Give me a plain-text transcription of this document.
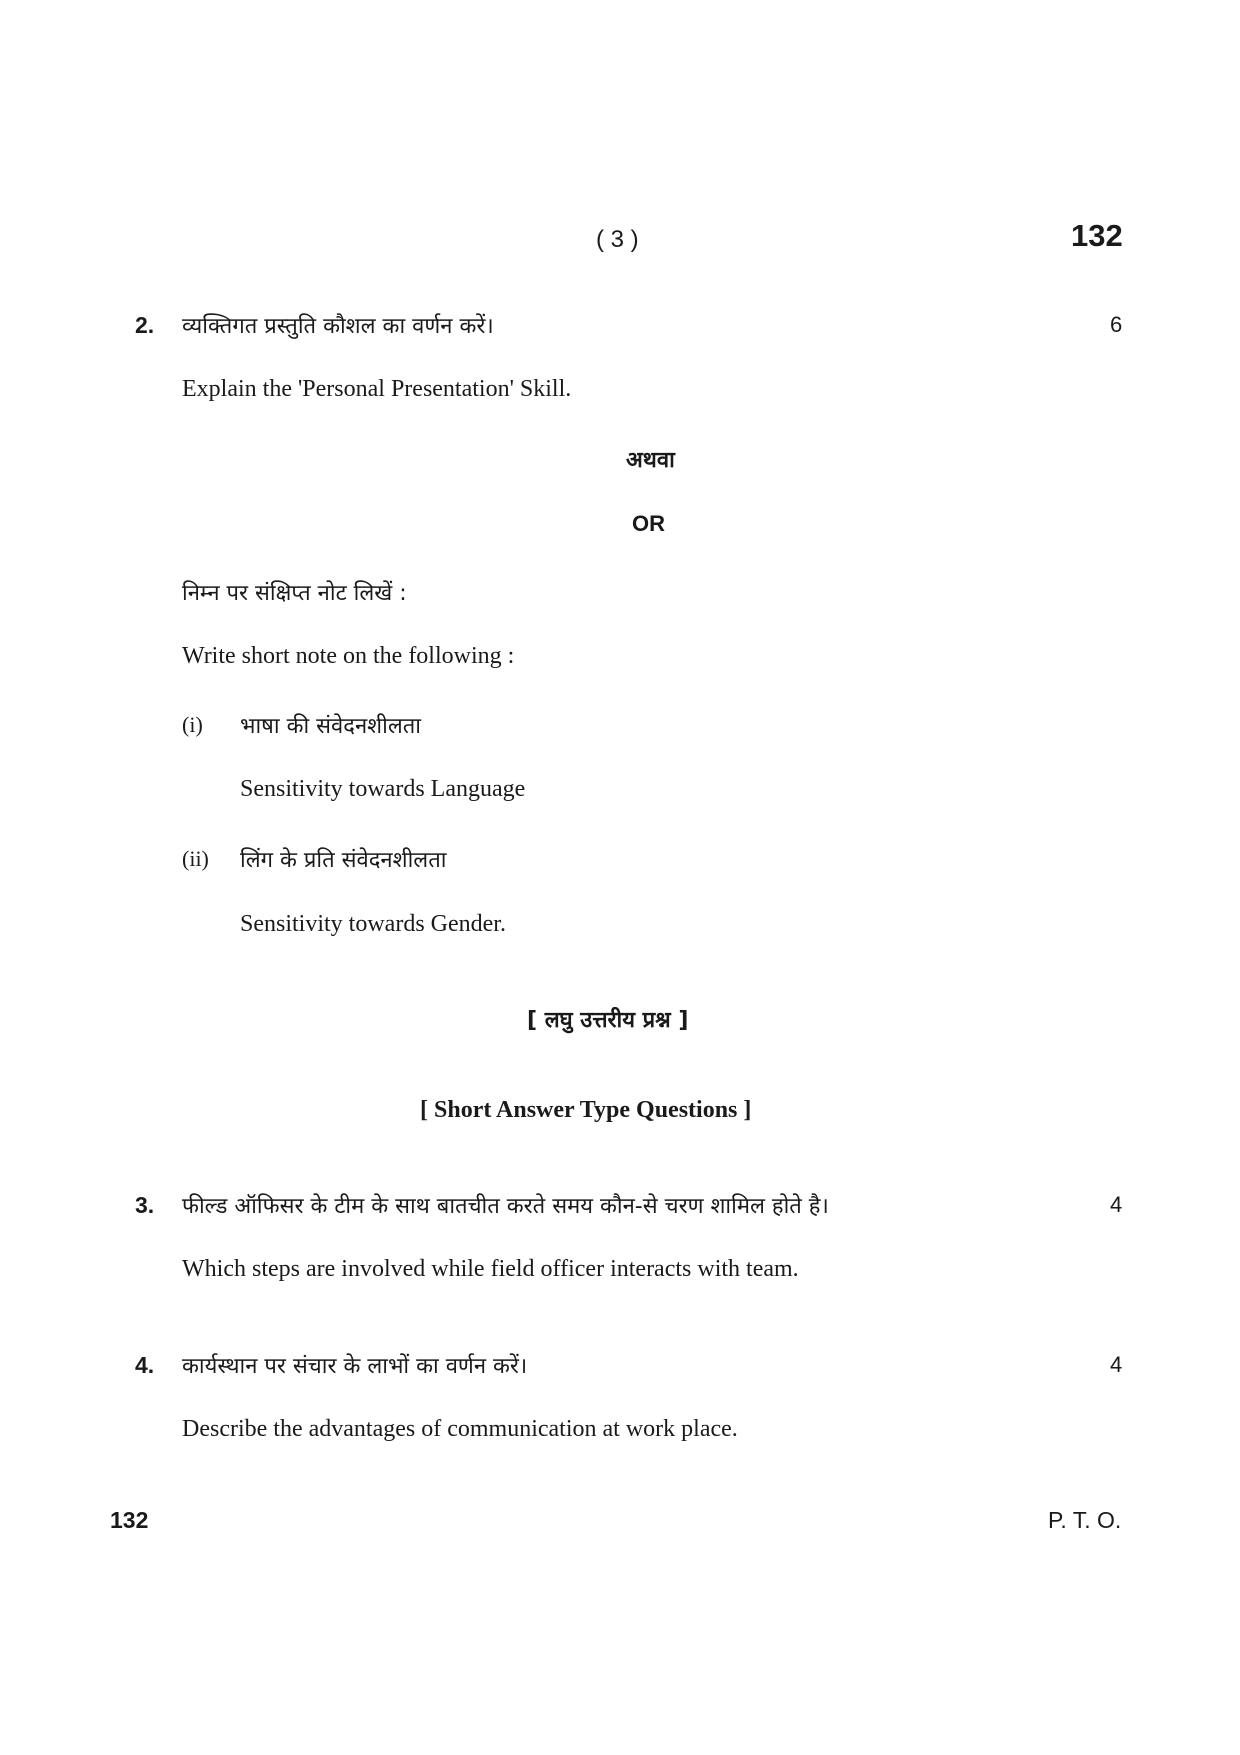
( 3 )	132
2. व्यक्तिगत प्रस्तुति कौशल का वर्णन करें।	6
Explain the 'Personal Presentation' Skill.
अथवा
OR
निम्न पर संक्षिप्त नोट लिखें :
Write short note on the following :
(i) भाषा की संवेदनशीलता
Sensitivity towards Language
(ii) लिंग के प्रति संवेदनशीलता
Sensitivity towards Gender.
[ लघु उत्तरीय प्रश्न ]
[ Short Answer Type Questions ]
3. फील्ड ऑफिसर के टीम के साथ बातचीत करते समय कौन-से चरण शामिल होते है।	4
Which steps are involved while field officer interacts with team.
4. कार्यस्थान पर संचार के लाभों का वर्णन करें।	4
Describe the advantages of communication at work place.
132	P. T. O.
